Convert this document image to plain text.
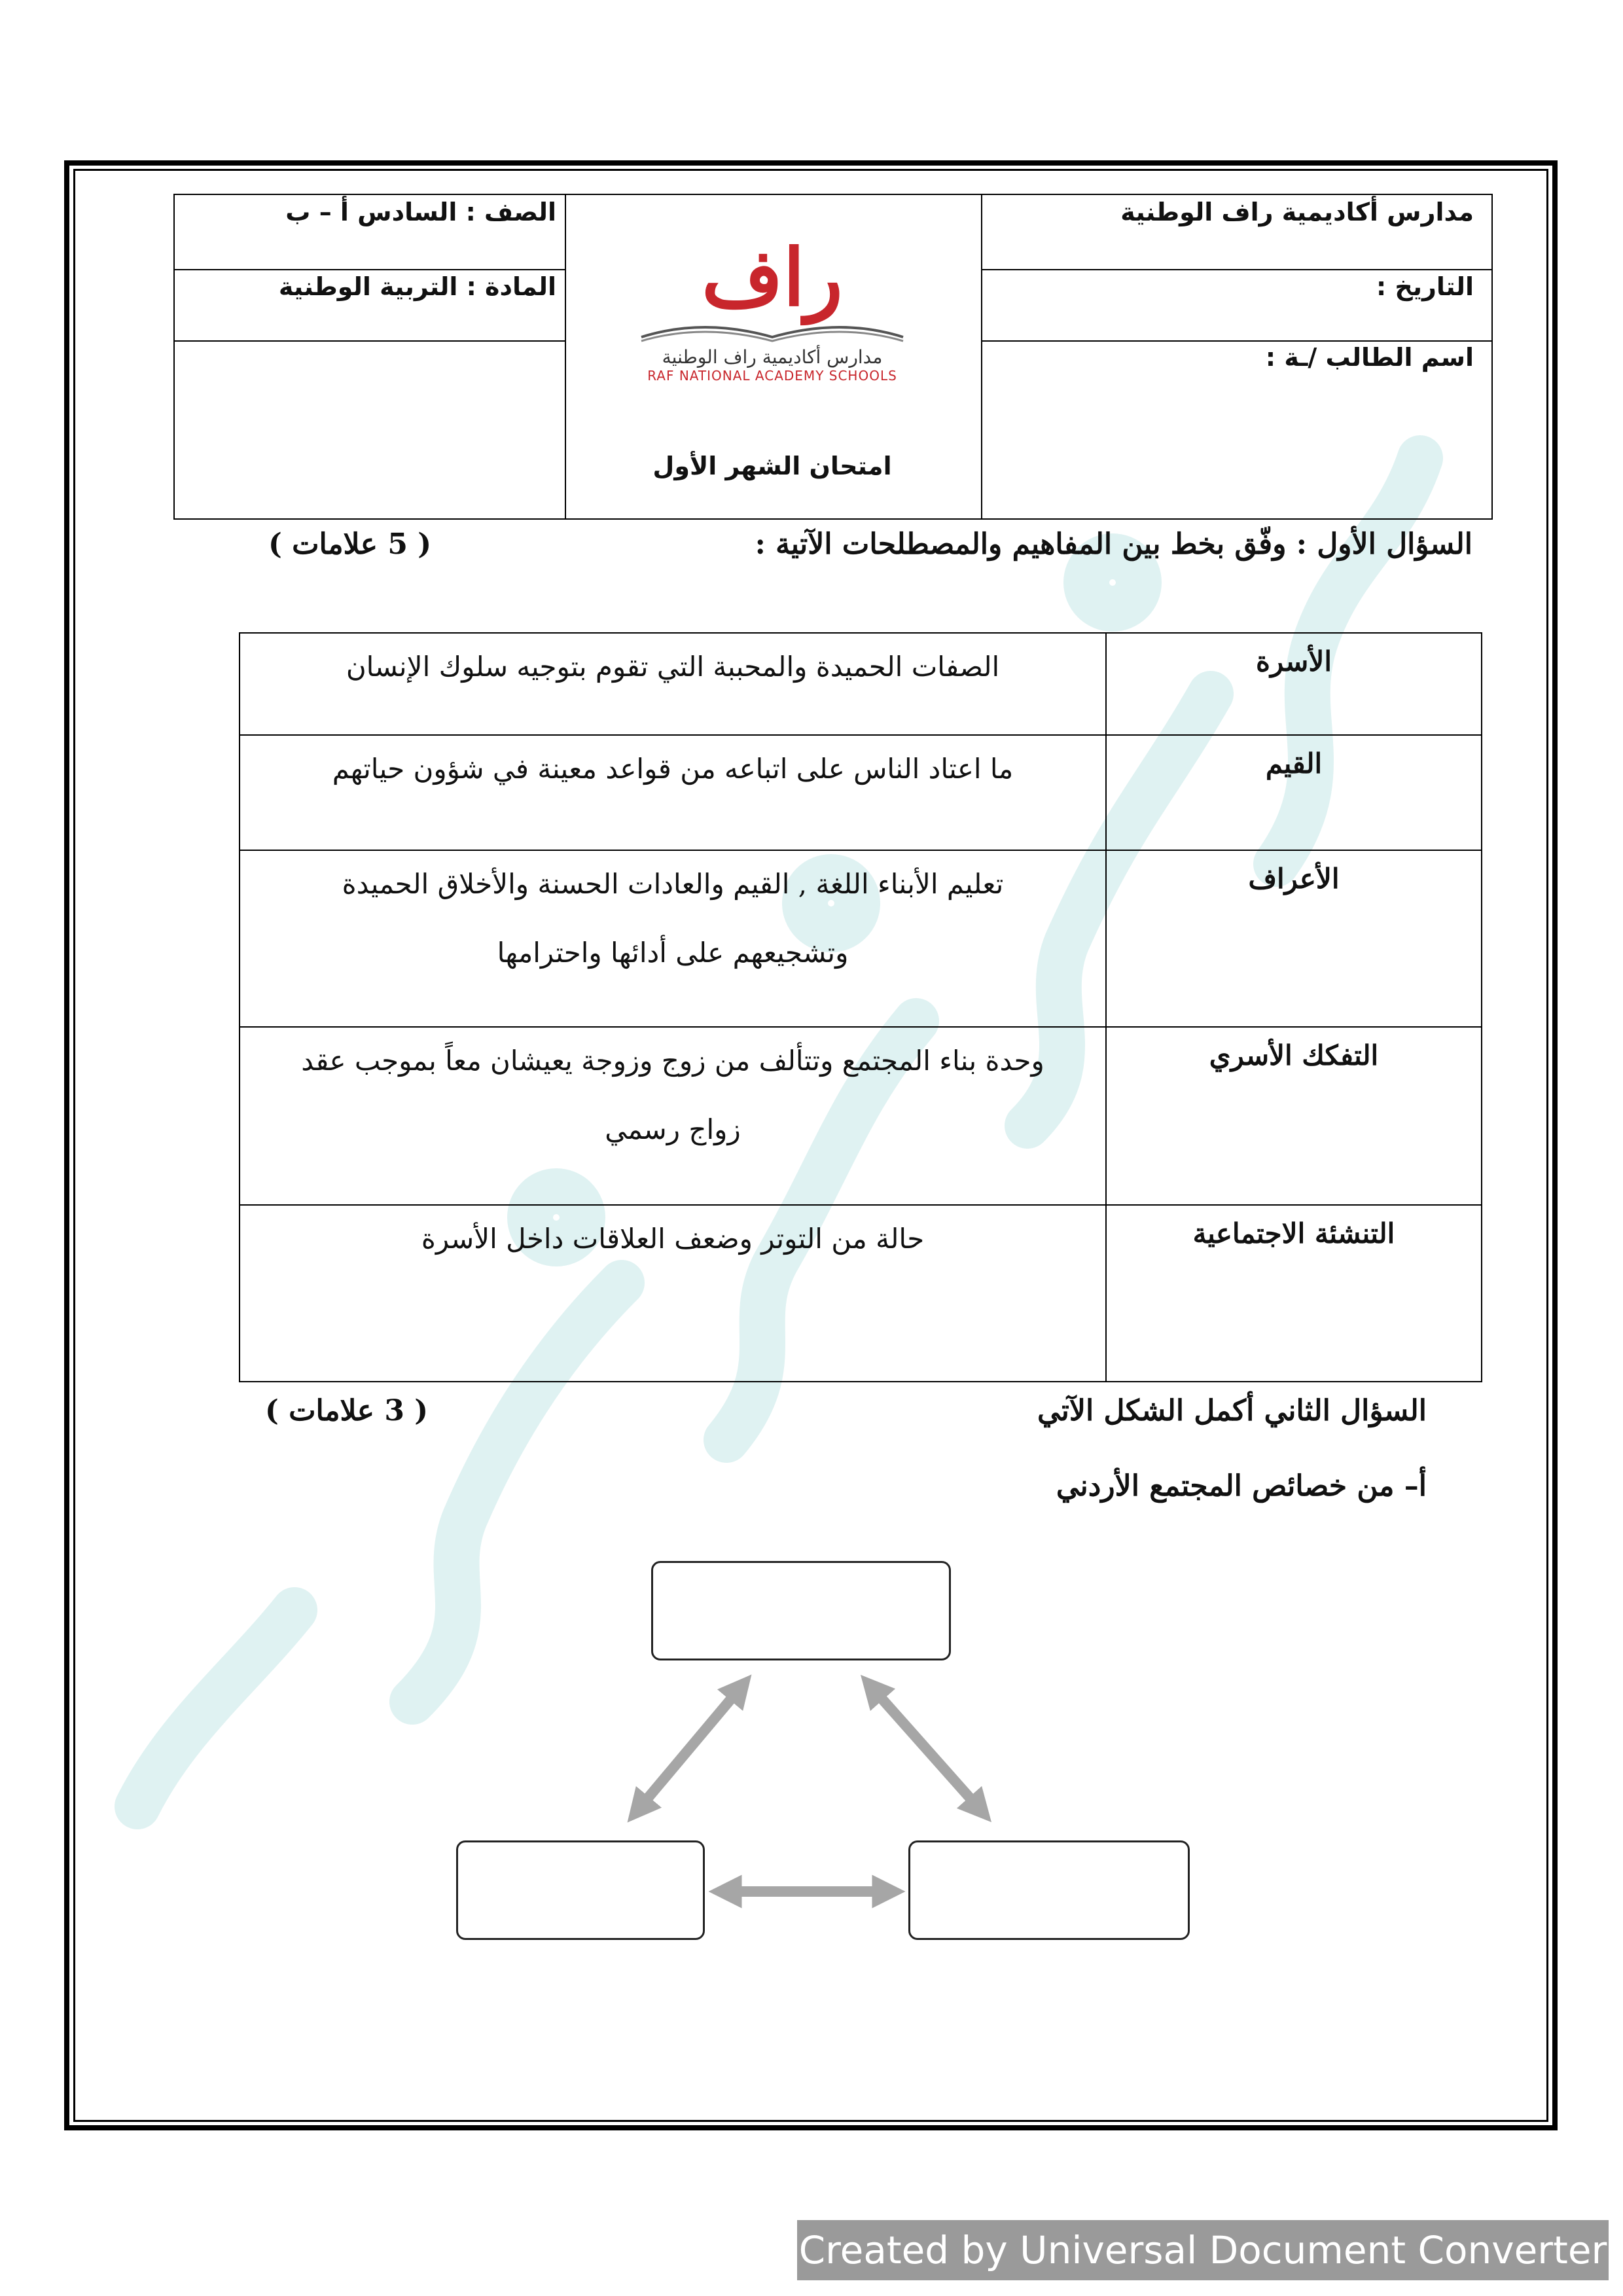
مدارس أكاديمية راف الوطنية
التاريخ :
اسم الطالب /ـة :
الصف : السادس أ – ب
المادة : التربية الوطنية	راف
مدارس أكاديمية راف الوطنية
RAF NATIONAL ACADEMY SCHOOLS
امتحان الشهر الأول
السؤال الأول : وفّق بخط بين المفاهيم والمصطلحات الآتية :
( 5 علامات )
الصفات الحميدة والمحببة التي تقوم بتوجيه سلوك الإنسان	الأسرة

ما اعتاد الناس على اتباعه من قواعد معينة في شؤون حياتهم	القيم

تعليم الأبناء اللغة , القيم والعادات الحسنة والأخلاق الحميدة
وتشجيعهم على أدائها واحترامها	الأعراف

وحدة بناء المجتمع وتتألف من زوج وزوجة يعيشان معاً بموجب عقد
زواج رسمي	التفكك الأسري

حالة من التوتر وضعف العلاقات داخل الأسرة	التنشئة الاجتماعية
السؤال الثاني أكمل الشكل الآتي
( 3 علامات )
أ– من خصائص المجتمع الأردني
Created by Universal Document Converter
